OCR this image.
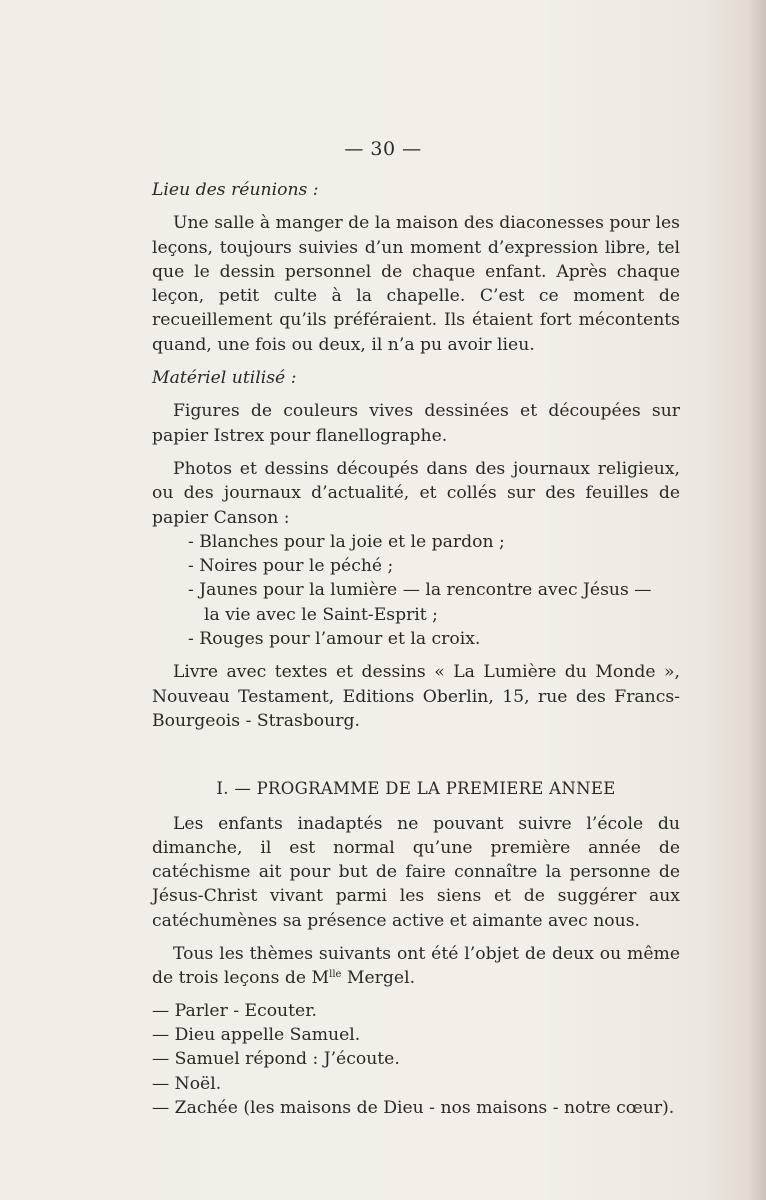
— 30 —

Lieu des réunions :

Une salle à manger de la maison des diaconesses pour les leçons, toujours suivies d’un moment d’expression libre, tel que le dessin personnel de chaque enfant. Après chaque leçon, petit culte à la chapelle. C’est ce moment de recueillement qu’ils préféraient. Ils étaient fort mécontents quand, une fois ou deux, il n’a pu avoir lieu.

Matériel utilisé :

Figures de couleurs vives dessinées et découpées sur papier Istrex pour flanellographe.

Photos et dessins découpés dans des journaux religieux, ou des journaux d’actualité, et collés sur des feuilles de papier Canson :

- Blanches pour la joie et le pardon ;
- Noires pour le péché ;
- Jaunes pour la lumière — la rencontre avec Jésus —
la vie avec le Saint-Esprit ;
- Rouges pour l’amour et la croix.

Livre avec textes et dessins « La Lumière du Monde », Nouveau Testament, Editions Oberlin, 15, rue des Francs-Bourgeois - Strasbourg.

I. — PROGRAMME DE LA PREMIERE ANNEE

Les enfants inadaptés ne pouvant suivre l’école du dimanche, il est normal qu’une première année de catéchisme ait pour but de faire connaître la personne de Jésus-Christ vivant parmi les siens et de suggérer aux catéchumènes sa présence active et aimante avec nous.

Tous les thèmes suivants ont été l’objet de deux ou même de trois leçons de $M^{lle}$ Mergel.

— Parler - Ecouter.
— Dieu appelle Samuel.
— Samuel répond : J’écoute.
— Noël.
— Zachée (les maisons de Dieu - nos maisons - notre cœur).
